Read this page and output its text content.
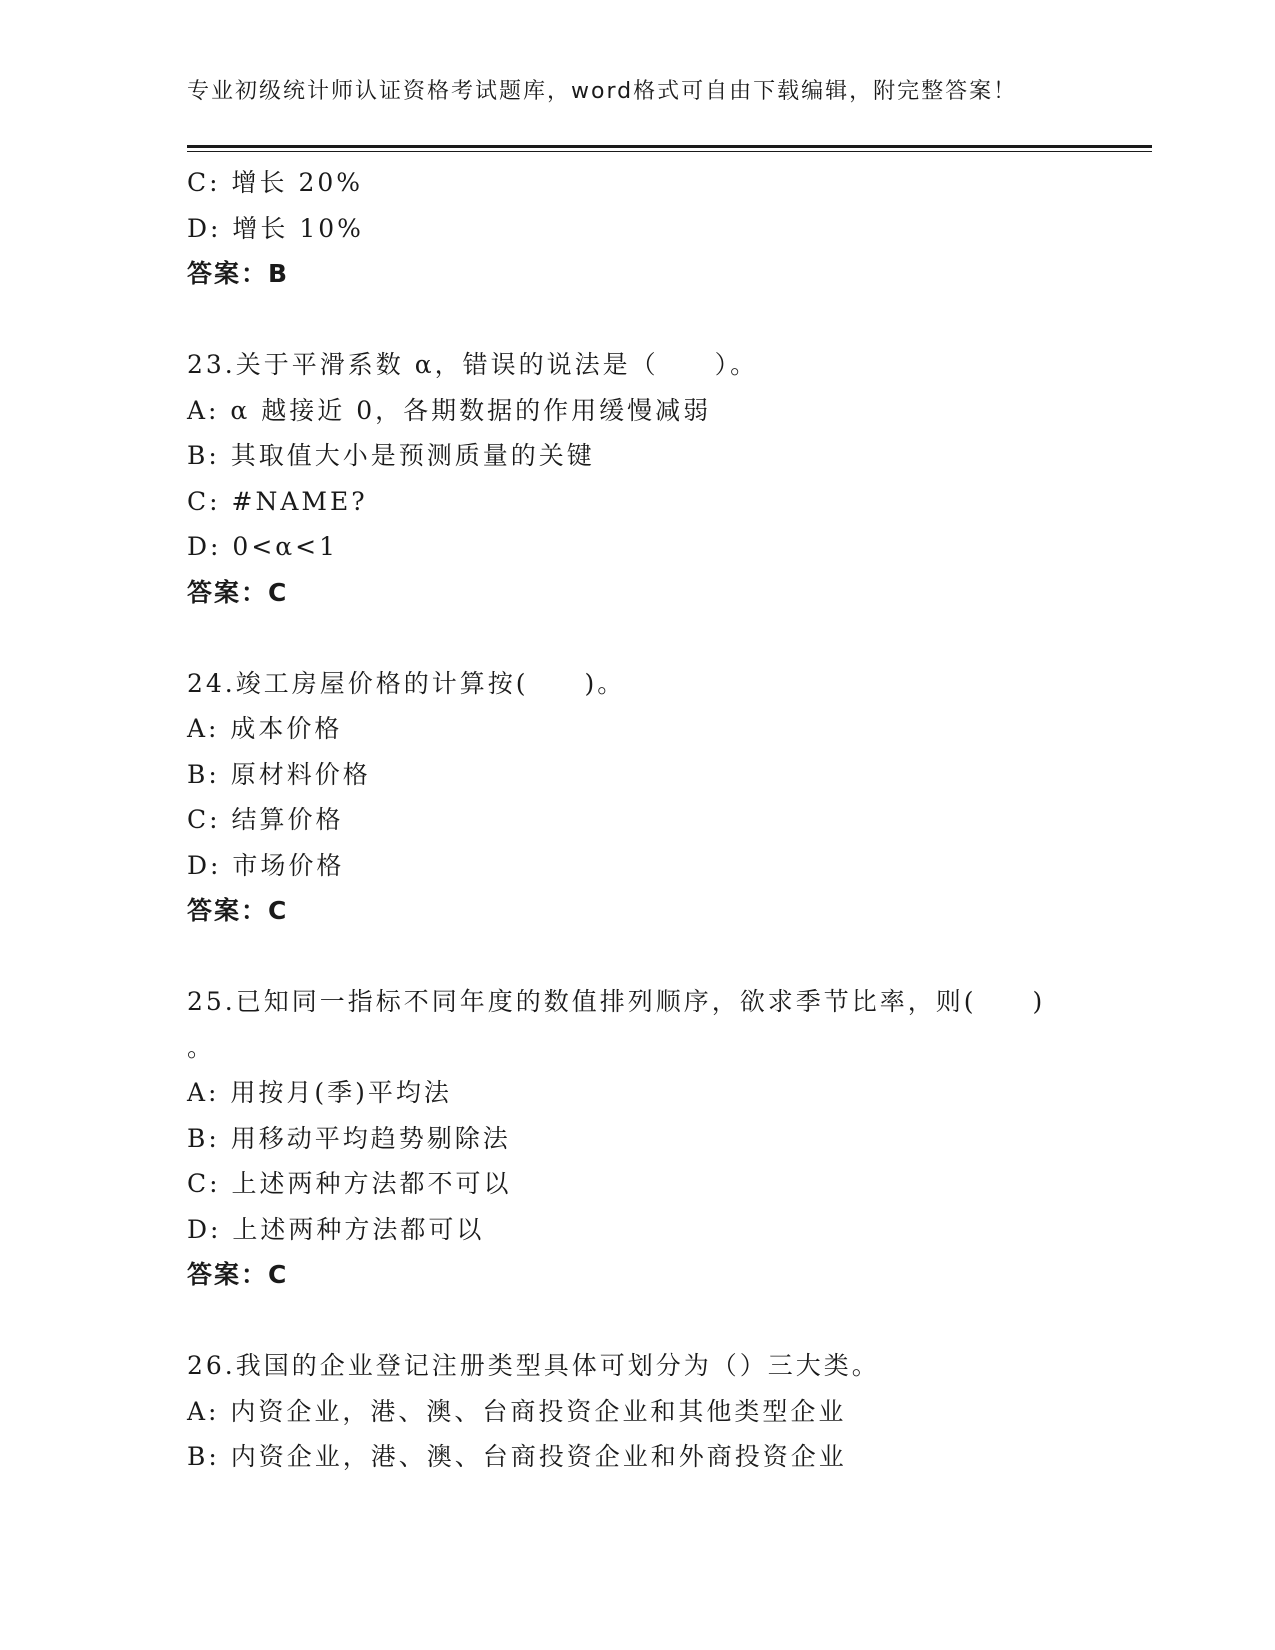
专业初级统计师认证资格考试题库，word格式可自由下载编辑，附完整答案！
C: 增长 20%
D: 增长 10%
答案：B
23.关于平滑系数 α，错误的说法是（　　）。
A: α 越接近 0，各期数据的作用缓慢减弱
B: 其取值大小是预测质量的关键
C: #NAME?
D: 0<α<1
答案：C
24.竣工房屋价格的计算按(　　)。
A: 成本价格
B: 原材料价格
C: 结算价格
D: 市场价格
答案：C
25.已知同一指标不同年度的数值排列顺序，欲求季节比率，则(　　)
。
A: 用按月(季)平均法
B: 用移动平均趋势剔除法
C: 上述两种方法都不可以
D: 上述两种方法都可以
答案：C
26.我国的企业登记注册类型具体可划分为（）三大类。
A: 内资企业，港、澳、台商投资企业和其他类型企业
B: 内资企业，港、澳、台商投资企业和外商投资企业
